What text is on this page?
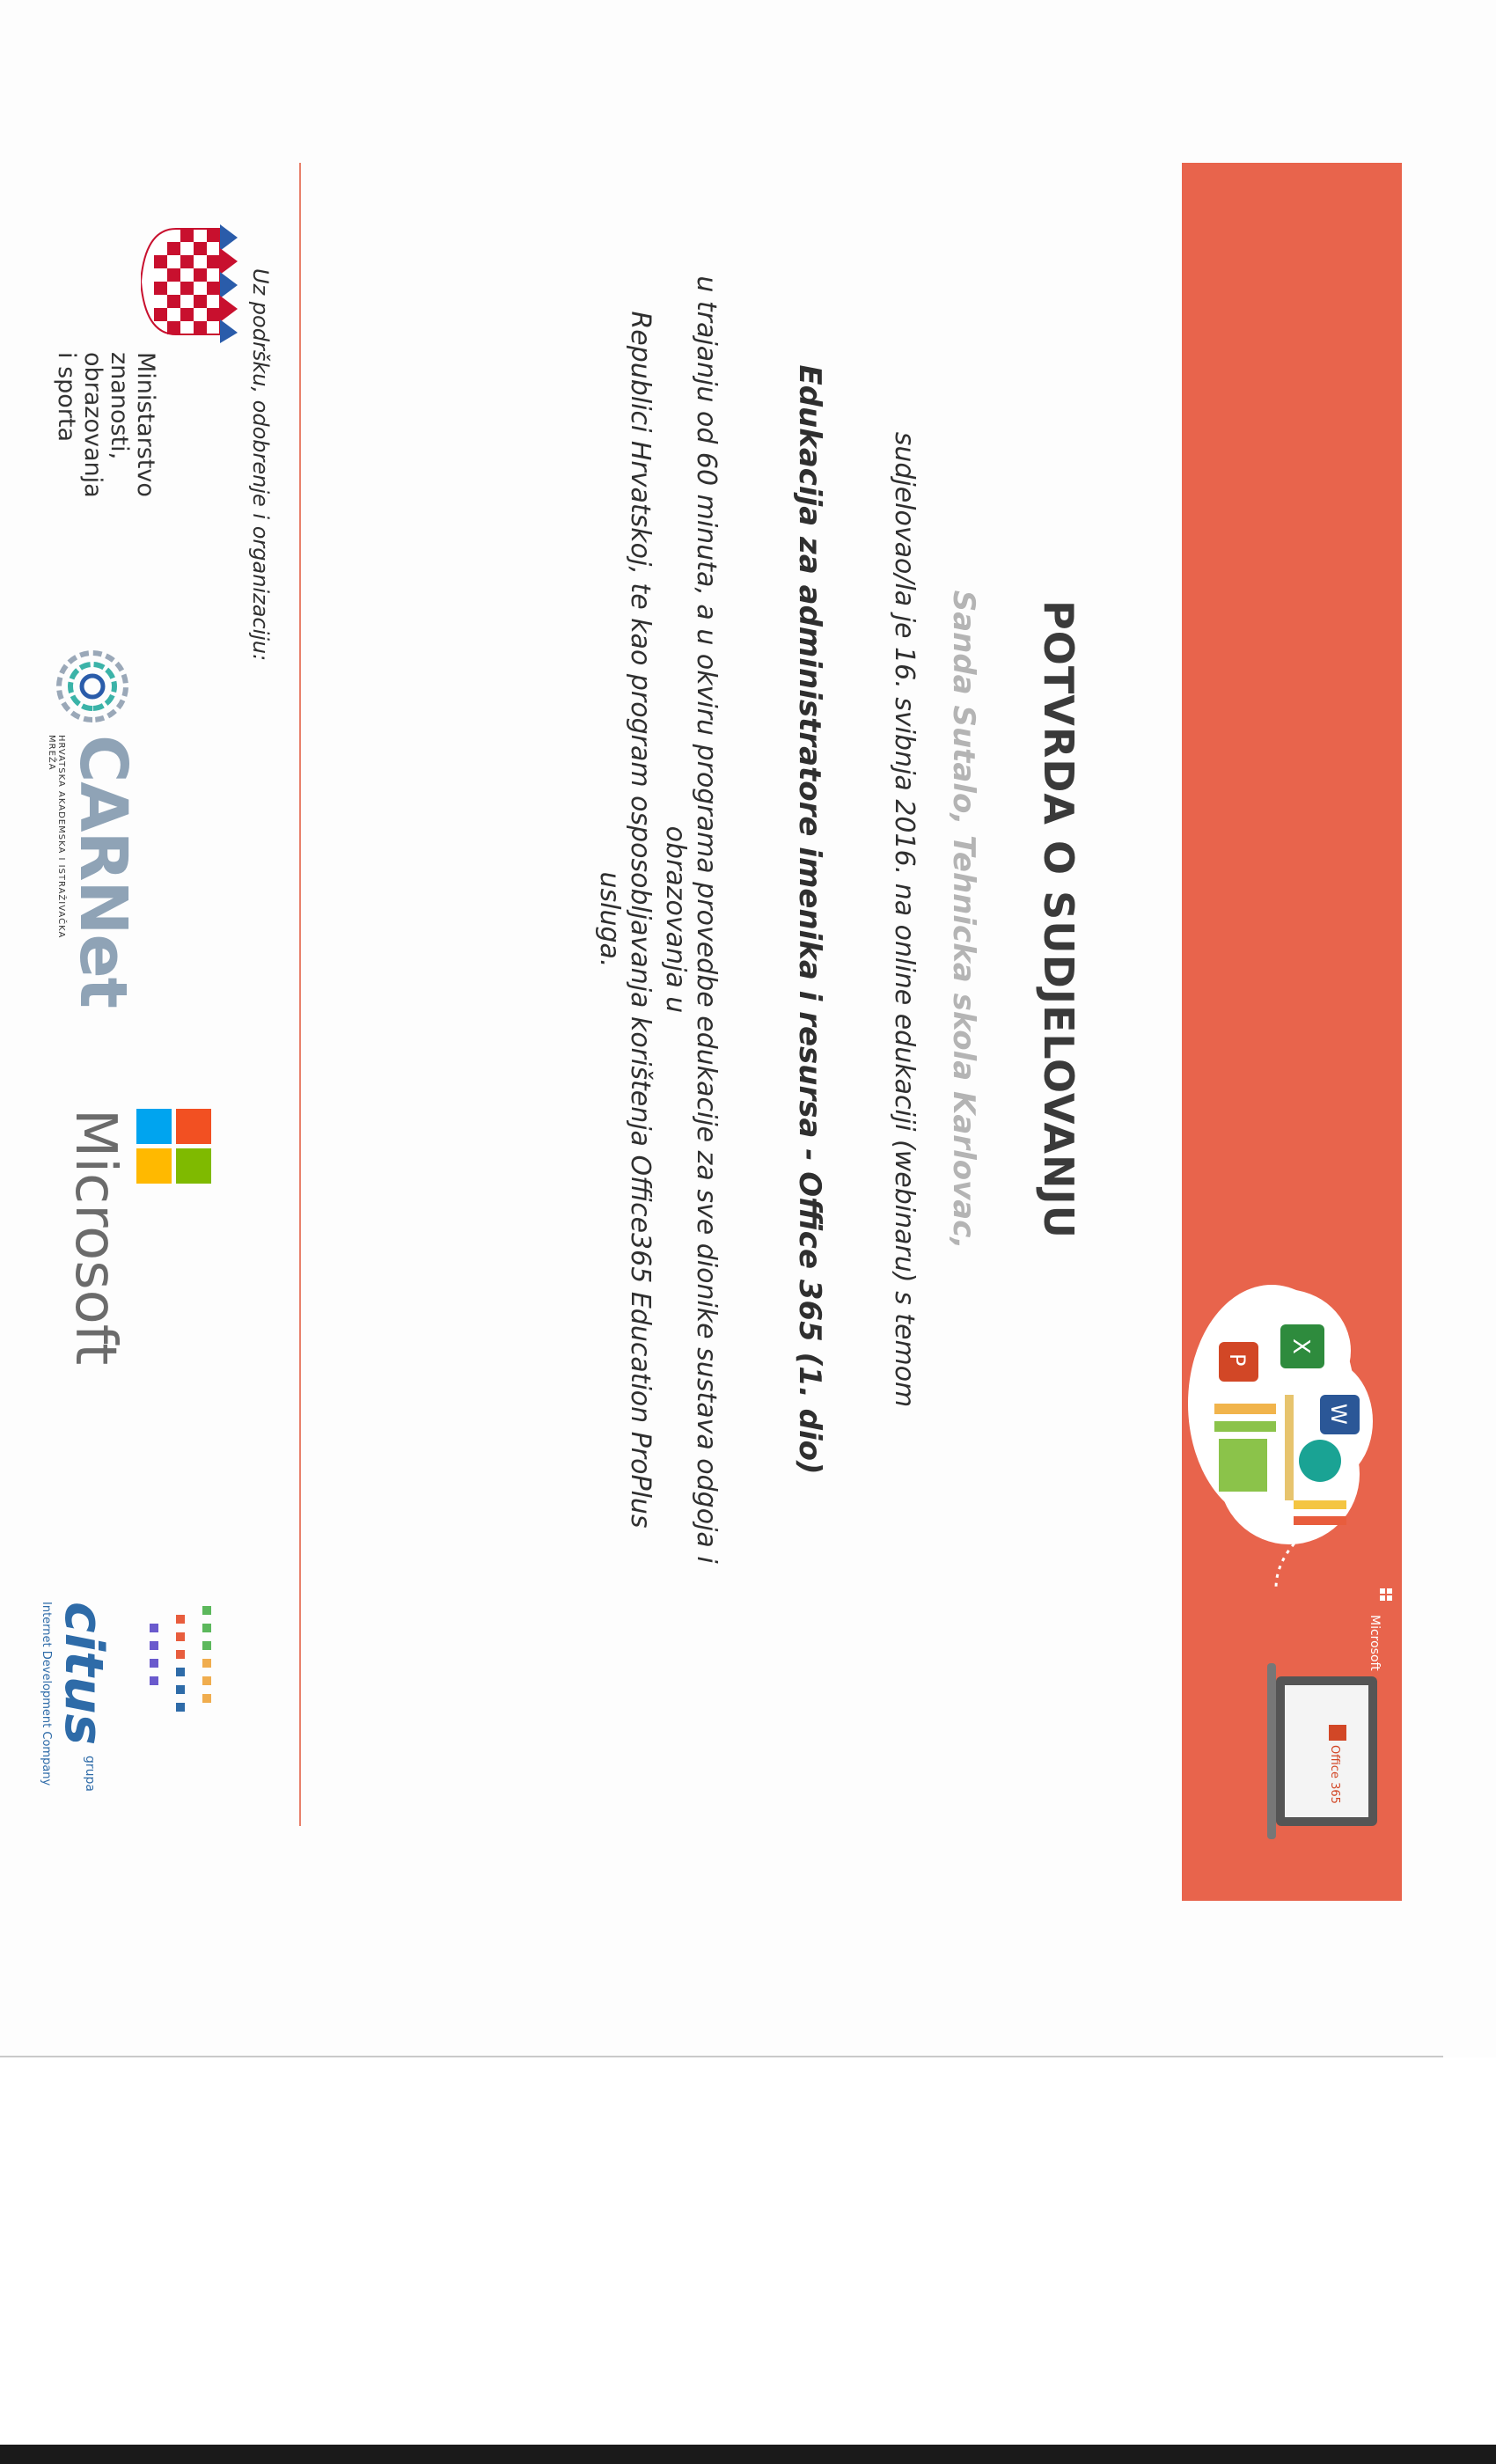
X
P
W
Office 365
Microsoft
POTVRDA O SUDJELOVANJU
Sanda Sutalo, Tehnicka skola Karlovac,
sudjelovao/la je 16. svibnja 2016. na online edukaciji (webinaru) s temom
Edukacija za administratore imenika i resursa - Office 365 (1. dio)
u trajanju od 60 minuta, a u okviru programa provedbe edukacije za sve dionike sustava odgoja i obrazovanja u
Republici Hrvatskoj, te kao program osposobljavanja korištenja Office365 Education ProPlus usluga.
Uz podršku, odobrenje i organizaciju:
Ministarstvo
znanosti,
obrazovanja
i sporta
CARNet
HRVATSKA AKADEMSKA I ISTRAŽIVAČKA MREŽA
Microsoft
citus
grupa
Internet Development Company
